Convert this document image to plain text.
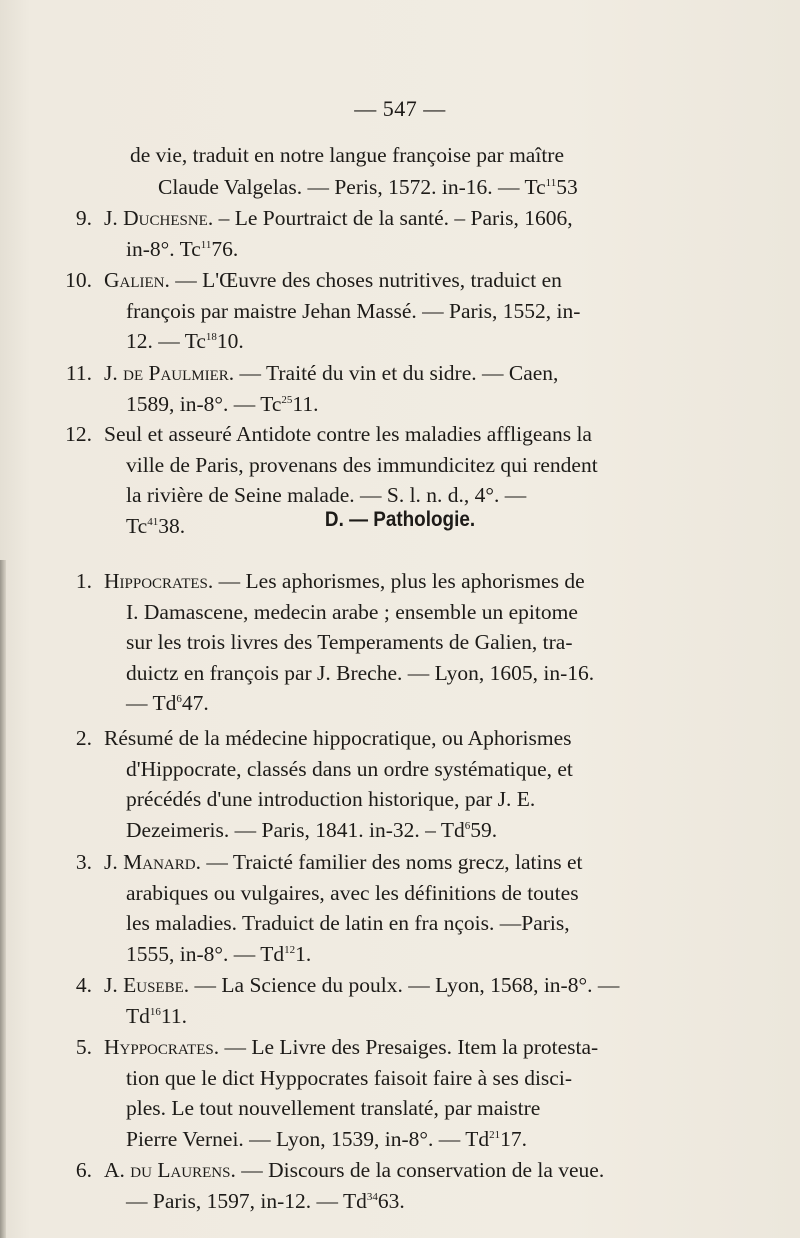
— 547 —
de vie, traduit en notre langue françoise par maître
Claude Valgelas. — Peris, 1572. in-16. — Tc$^{11}$53
9. J. Duchesne. – Le Pourtraict de la santé. – Paris, 1606,
in-8°. Tc$^{11}$76.
10. Galien. — L'Œuvre des choses nutritives, traduict en
françois par maistre Jehan Massé. — Paris, 1552, in-
12. — Tc$^{18}$10.
11. J. de Paulmier. — Traité du vin et du sidre. — Caen,
1589, in-8°. — Tc$^{25}$11.
12. Seul et asseuré Antidote contre les maladies affligeans la
ville de Paris, provenans des immundicitez qui rendent
la rivière de Seine malade. — S. l. n. d., 4°. —
Tc$^{41}$38.	D. — Pathologie.
1. Hippocrates. — Les aphorismes, plus les aphorismes de
I. Damascene, medecin arabe ; ensemble un epitome
sur les trois livres des Temperaments de Galien, tra-
duictz en françois par J. Breche. — Lyon, 1605, in-16.
— Td$^6$47.
2. Résumé de la médecine hippocratique, ou Aphorismes
d'Hippocrate, classés dans un ordre systématique, et
précédés d'une introduction historique, par J. E.
Dezeimeris. — Paris, 1841. in-32. – Td$^6$59.
3. J. Manard. — Traicté familier des noms grecz, latins et
arabiques ou vulgaires, avec les définitions de toutes
les maladies. Traduict de latin en fra nçois. —Paris,
1555, in-8°. — Td$^{12}$1.
4. J. Eusebe. — La Science du poulx. — Lyon, 1568, in-8°. —
Td$^{16}$11.
5. Hyppocrates. — Le Livre des Presaiges. Item la protesta-
tion que le dict Hyppocrates faisoit faire à ses disci-
ples. Le tout nouvellement translaté, par maistre
Pierre Vernei. — Lyon, 1539, in-8°. — Td$^{21}$17.
6. A. du Laurens. — Discours de la conservation de la veue.
— Paris, 1597, in-12. — Td$^{34}$63.
